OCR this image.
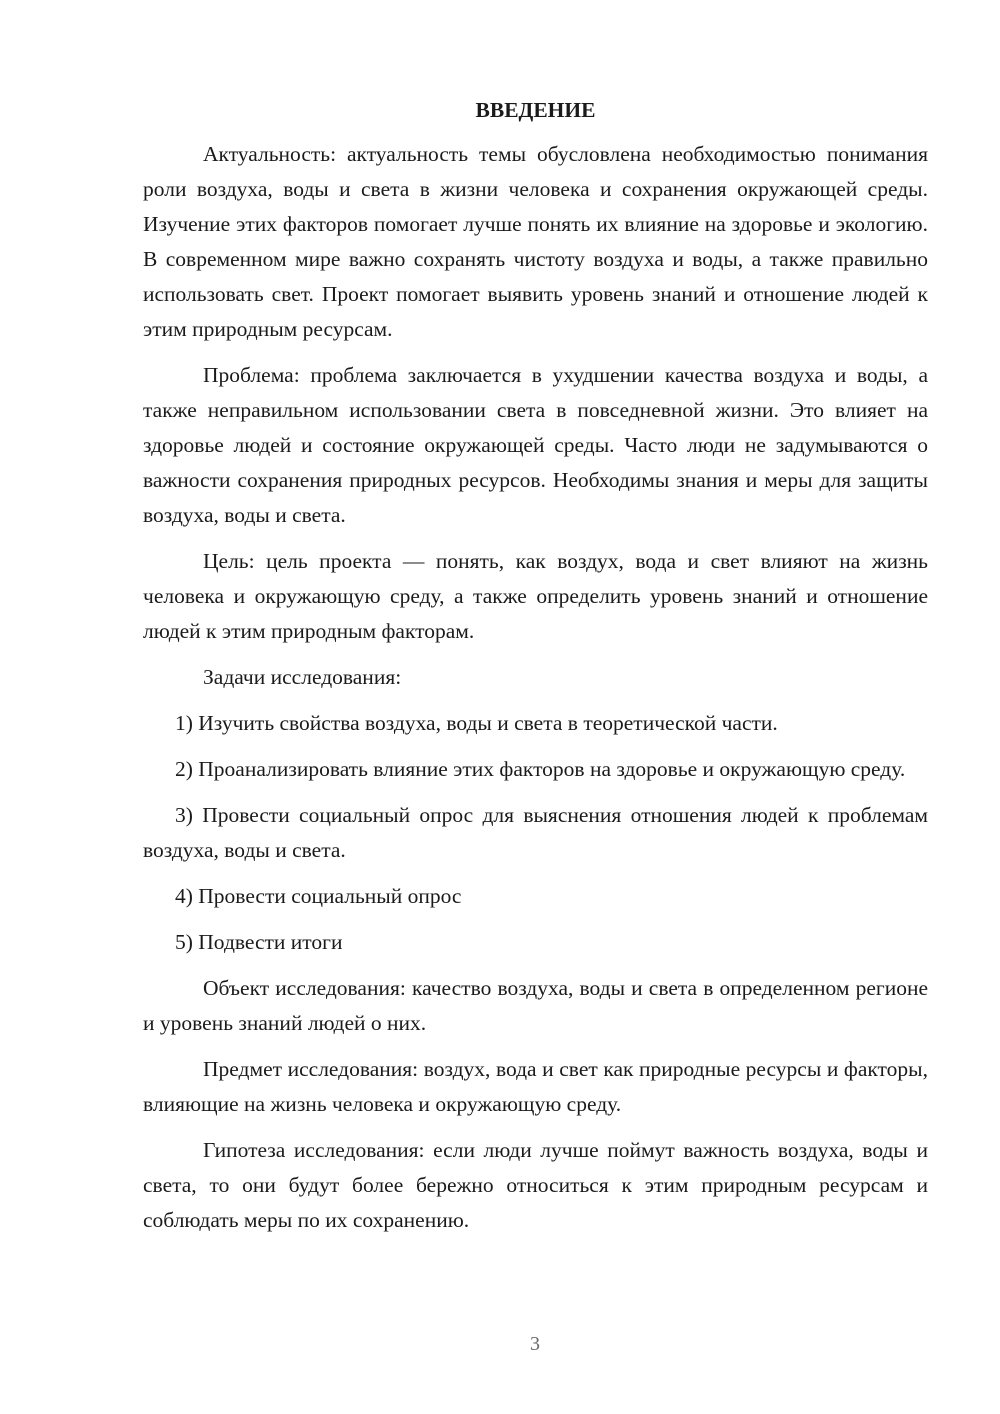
ВВЕДЕНИЕ

Актуальность: актуальность темы обусловлена необходимостью понимания роли воздуха, воды и света в жизни человека и сохранения окружающей среды. Изучение этих факторов помогает лучше понять их влияние на здоровье и экологию. В современном мире важно сохранять чистоту воздуха и воды, а также правильно использовать свет. Проект помогает выявить уровень знаний и отношение людей к этим природным ресурсам.

Проблема: проблема заключается в ухудшении качества воздуха и воды, а также неправильном использовании света в повседневной жизни. Это влияет на здоровье людей и состояние окружающей среды. Часто люди не задумываются о важности сохранения природных ресурсов. Необходимы знания и меры для защиты воздуха, воды и света.

Цель: цель проекта — понять, как воздух, вода и свет влияют на жизнь человека и окружающую среду, а также определить уровень знаний и отношение людей к этим природным факторам.

Задачи исследования:

1) Изучить свойства воздуха, воды и света в теоретической части.

2) Проанализировать влияние этих факторов на здоровье и окружающую среду.

3) Провести социальный опрос для выяснения отношения людей к проблемам воздуха, воды и света.

4) Провести социальный опрос

5) Подвести итоги

Объект исследования: качество воздуха, воды и света в определенном регионе и уровень знаний людей о них.

Предмет исследования: воздух, вода и свет как природные ресурсы и факторы, влияющие на жизнь человека и окружающую среду.

Гипотеза исследования: если люди лучше поймут важность воздуха, воды и света, то они будут более бережно относиться к этим природным ресурсам и соблюдать меры по их сохранению.

3
